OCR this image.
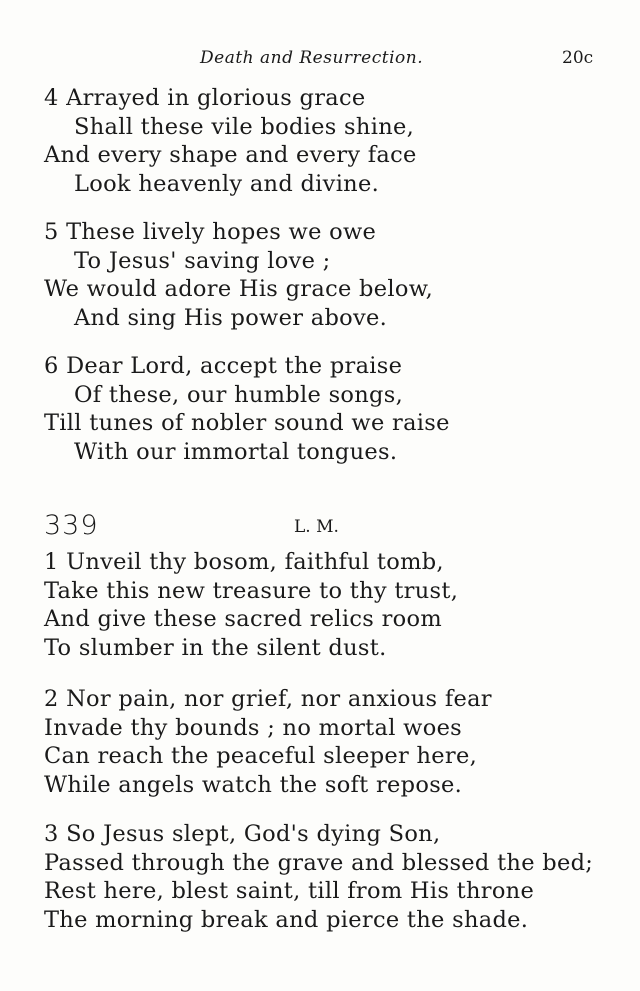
Death and Resurrection.	20c
4 Arrayed in glorious grace
Shall these vile bodies shine,
And every shape and every face
Look heavenly and divine.
5 These lively hopes we owe
To Jesus' saving love ;
We would adore His grace below,
And sing His power above.
6 Dear Lord, accept the praise
Of these, our humble songs,
Till tunes of nobler sound we raise
With our immortal tongues.
339	L. M.
1 Unveil thy bosom, faithful tomb,
Take this new treasure to thy trust,
And give these sacred relics room
To slumber in the silent dust.
2 Nor pain, nor grief, nor anxious fear
Invade thy bounds ; no mortal woes
Can reach the peaceful sleeper here,
While angels watch the soft repose.
3 So Jesus slept, God's dying Son,
Passed through the grave and blessed the bed;
Rest here, blest saint, till from His throne
The morning break and pierce the shade.
